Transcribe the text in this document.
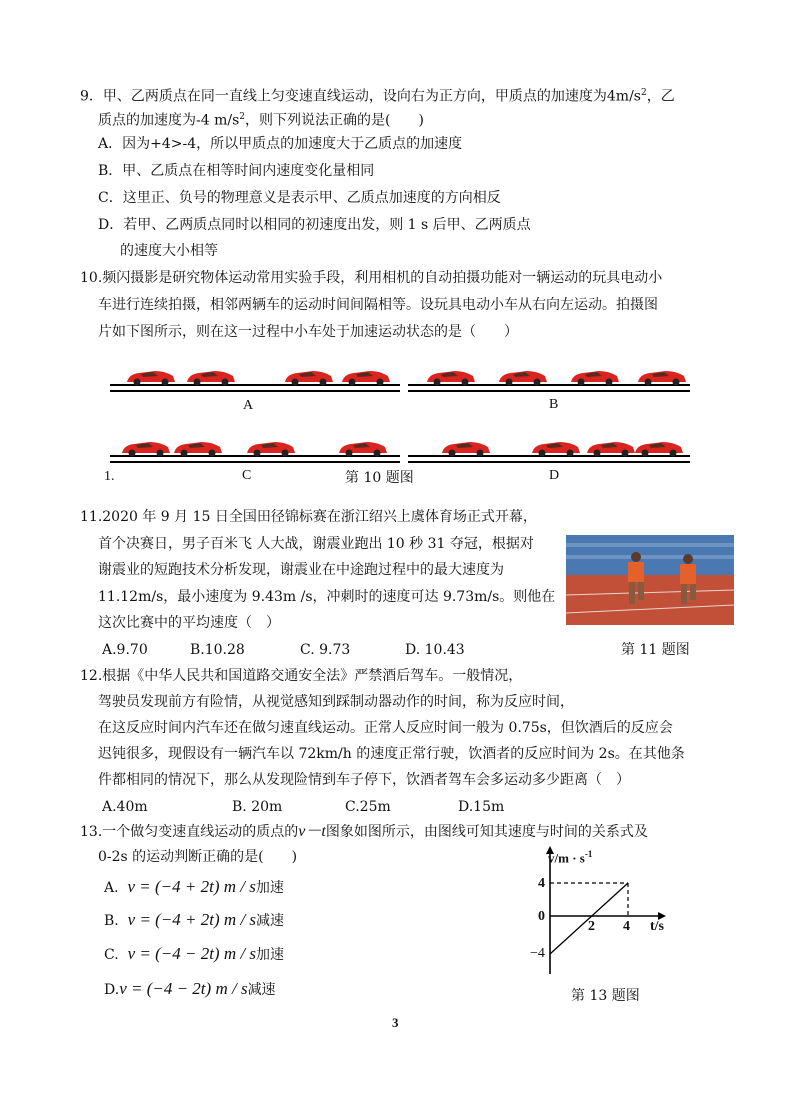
9．甲、乙两质点在同一直线上匀变速直线运动，设向右为正方向，甲质点的加速度为$4m/s^2$，乙
质点的加速度为-4 $m/s^2$，则下列说法正确的是(　　)
A．因为+4>-4，所以甲质点的加速度大于乙质点的加速度
B．甲、乙质点在相等时间内速度变化量相同
C．这里正、负号的物理意义是表示甲、乙质点加速度的方向相反
D．若甲、乙两质点同时以相同的初速度出发，则 1 s 后甲、乙两质点
的速度大小相等
10.频闪摄影是研究物体运动常用实验手段，利用相机的自动拍摄功能对一辆运动的玩具电动小
车进行连续拍摄，相邻两辆车的运动时间间隔相等。设玩具电动小车从右向左运动。拍摄图
片如下图所示，则在这一过程中小车处于加速运动状态的是（　　）
A	B
1.	C	D
第 10 题图
11.2020 年 9 月 15 日全国田径锦标赛在浙江绍兴上虞体育场正式开幕，
首个决赛日，男子百米飞 人大战，谢震业跑出 10 秒 31 夺冠，根据对
谢震业的短跑技术分析发现，谢震业在中途跑过程中的最大速度为
11.12m/s，最小速度为 9.43m /s，冲刺时的速度可达 9.73m/s。则他在
这次比赛中的平均速度（　）
A.9.70	B.10.28	C. 9.73	D. 10.43	第 11 题图
12.根据《中华人民共和国道路交通安全法》严禁酒后驾车。一般情况，
驾驶员发现前方有险情，从视觉感知到踩制动器动作的时间，称为反应时间，
在这反应时间内汽车还在做匀速直线运动。正常人反应时间一般为 0.75s，但饮酒后的反应会
迟钝很多，现假设有一辆汽车以 72km/h 的速度正常行驶，饮酒者的反应时间为 2s。在其他条
件都相同的情况下，那么从发现险情到车子停下，饮酒者驾车会多运动多少距离（　）
A.40m	B. 20m	C.25m	D.15m
13.一个做匀变速直线运动的质点的v－t图象如图所示，由图线可知其速度与时间的关系式及
0-2s 的运动判断正确的是(　　)
A. v = (−4 + 2t) m / s加速
B. v = (−4 + 2t) m / s减速
C. v = (−4 − 2t) m / s加速
D.v = (−4 − 2t) m / s减速
$v/m \cdot s^{-1}$
4
0
−4
2 4 t/s
第 13 题图
3
